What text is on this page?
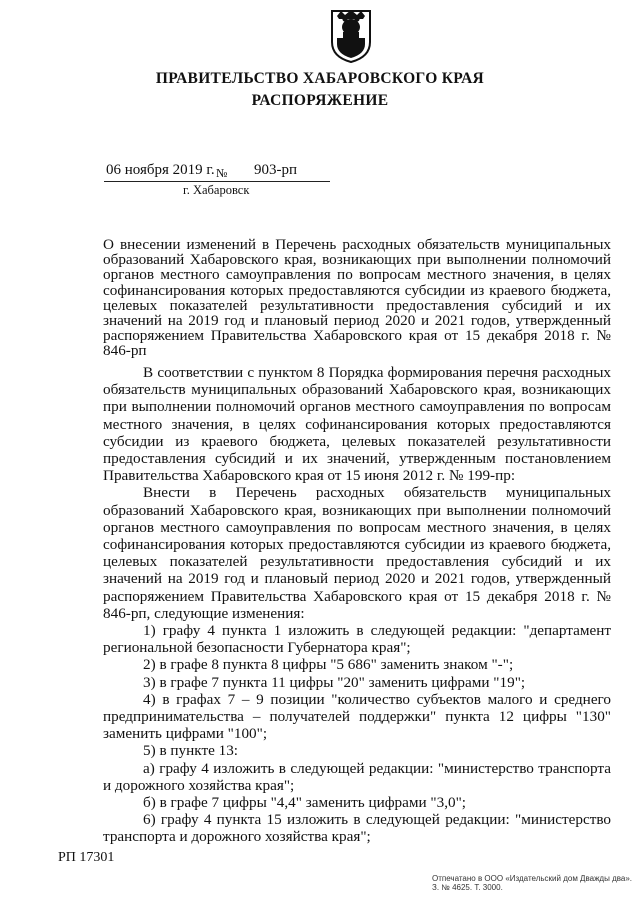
ПРАВИТЕЛЬСТВО ХАБАРОВСКОГО КРАЯ
РАСПОРЯЖЕНИЕ
06 ноября 2019 г. № 903-рп
г. Хабаровск
О внесении изменений в Перечень расходных обязательств муниципальных образований Хабаровского края, возникающих при выполнении полномочий органов местного самоуправления по вопросам местного значения, в целях софинансирования которых предоставляются субсидии из краевого бюджета, целевых показателей результативности предоставления субсидий и их значений на 2019 год и плановый период 2020 и 2021 годов, утвержденный распоряжением Правительства Хабаровского края от 15 декабря 2018 г. № 846-рп

В соответствии с пунктом 8 Порядка формирования перечня расходных обязательств муниципальных образований Хабаровского края, возникающих при выполнении полномочий органов местного самоуправления по вопросам местного значения, в целях софинансирования которых предоставляются субсидии из краевого бюджета, целевых показателей результативности предоставления субсидий и их значений, утвержденным постановлением Правительства Хабаровского края от 15 июня 2012 г. № 199-пр:

Внести в Перечень расходных обязательств муниципальных образований Хабаровского края, возникающих при выполнении полномочий органов местного самоуправления по вопросам местного значения, в целях софинансирования которых предоставляются субсидии из краевого бюджета, целевых показателей результативности предоставления субсидий и их значений на 2019 год и плановый период 2020 и 2021 годов, утвержденный распоряжением Правительства Хабаровского края от 15 декабря 2018 г. № 846-рп, следующие изменения:

1) графу 4 пункта 1 изложить в следующей редакции: "департамент региональной безопасности Губернатора края";

2) в графе 8 пункта 8 цифры "5 686" заменить знаком "-";

3) в графе 7 пункта 11 цифры "20" заменить цифрами "19";

4) в графах 7 – 9 позиции "количество субъектов малого и среднего предпринимательства – получателей поддержки" пункта 12 цифры "130" заменить цифрами "100";

5) в пункте 13:

а) графу 4 изложить в следующей редакции: "министерство транспорта и дорожного хозяйства края";

б) в графе 7 цифры "4,4" заменить цифрами "3,0";

6) графу 4 пункта 15 изложить в следующей редакции: "министерство транспорта и дорожного хозяйства края";

РП 17301
Отпечатано в ООО «Издательский дом Дважды два». З. № 4625. Т. 3000.
